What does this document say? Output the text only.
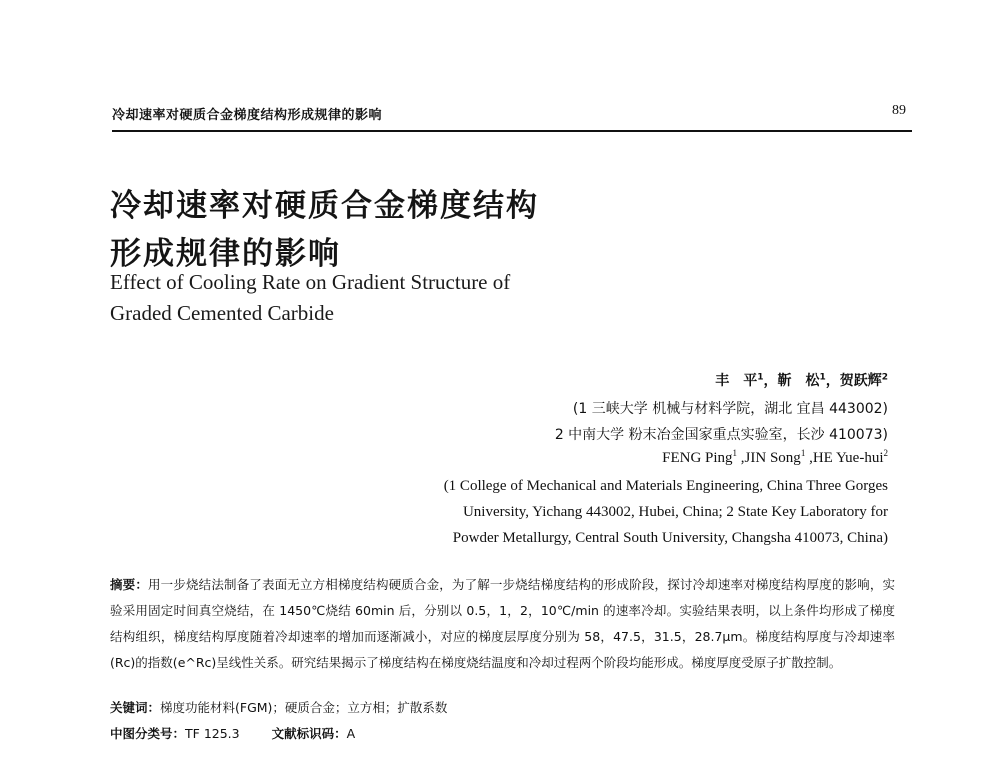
冷却速率对硬质合金梯度结构形成规律的影响	89
冷却速率对硬质合金梯度结构
形成规律的影响
Effect of Cooling Rate on Gradient Structure of
Graded Cemented Carbide
丰　平$^1$，靳　松$^1$，贺跃辉$^2$
(1 三峡大学 机械与材料学院，湖北 宜昌 443002)
2 中南大学 粉末冶金国家重点实验室，长沙 410073)
FENG Ping$^1$ ,JIN Song$^1$ ,HE Yue-hui$^2$
(1 College of Mechanical and Materials Engineering, China Three Gorges
University, Yichang 443002, Hubei, China; 2 State Key Laboratory for
Powder Metallurgy, Central South University, Changsha 410073, China)

摘要：用一步烧结法制备了表面无立方相梯度结构硬质合金，为了解一步烧结梯度结构的形成阶段，探讨冷却速率对梯度结构厚度的影响，实验采用固定时间真空烧结，在 1450℃烧结 60min 后，分别以 0.5，1，2，10℃/min 的速率冷却。实验结果表明，以上条件均形成了梯度结构组织，梯度结构厚度随着冷却速率的增加而逐渐减小，对应的梯度层厚度分别为 58，47.5，31.5，28.7μm。梯度结构厚度与冷却速率(Rc)的指数(e^Rc)呈线性关系。研究结果揭示了梯度结构在梯度烧结温度和冷却过程两个阶段均能形成。梯度厚度受原子扩散控制。

关键词：梯度功能材料(FGM)；硬质合金；立方相；扩散系数
中图分类号：TF 125.3	文献标识码：A
